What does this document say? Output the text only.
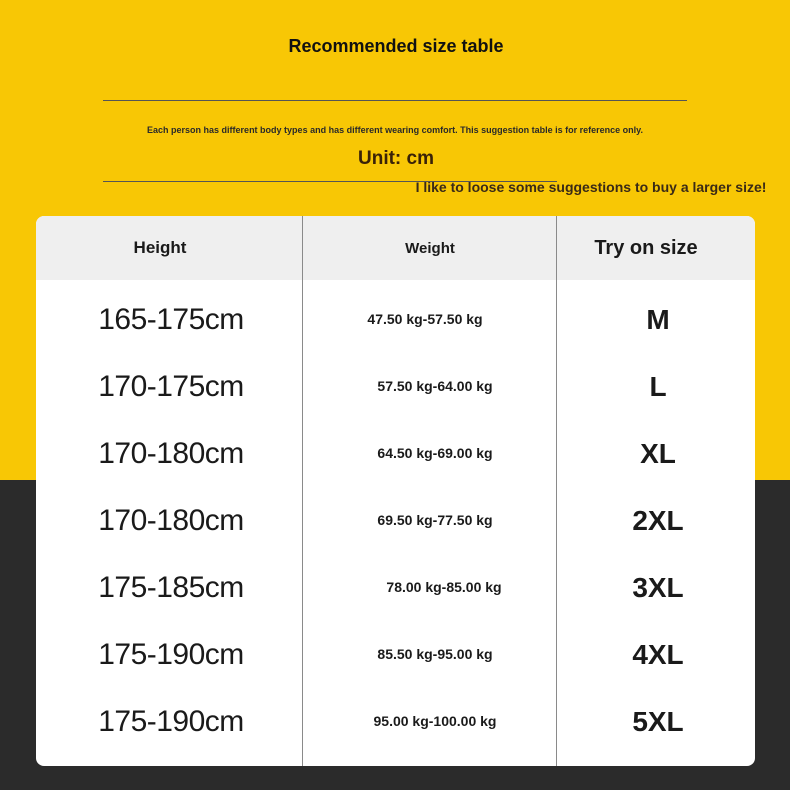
Recommended size table
Each person has different body types and has different wearing comfort. This suggestion table is for reference only.
Unit: cm
I like to loose some suggestions to buy a larger size!
Height	Weight	Try on size
165-175cm	47.50 kg-57.50 kg	M
170-175cm	57.50 kg-64.00 kg	L
170-180cm	64.50 kg-69.00 kg	XL
170-180cm	69.50 kg-77.50 kg	2XL
175-185cm	78.00 kg-85.00 kg	3XL
175-190cm	85.50 kg-95.00 kg	4XL
175-190cm	95.00 kg-100.00 kg	5XL
